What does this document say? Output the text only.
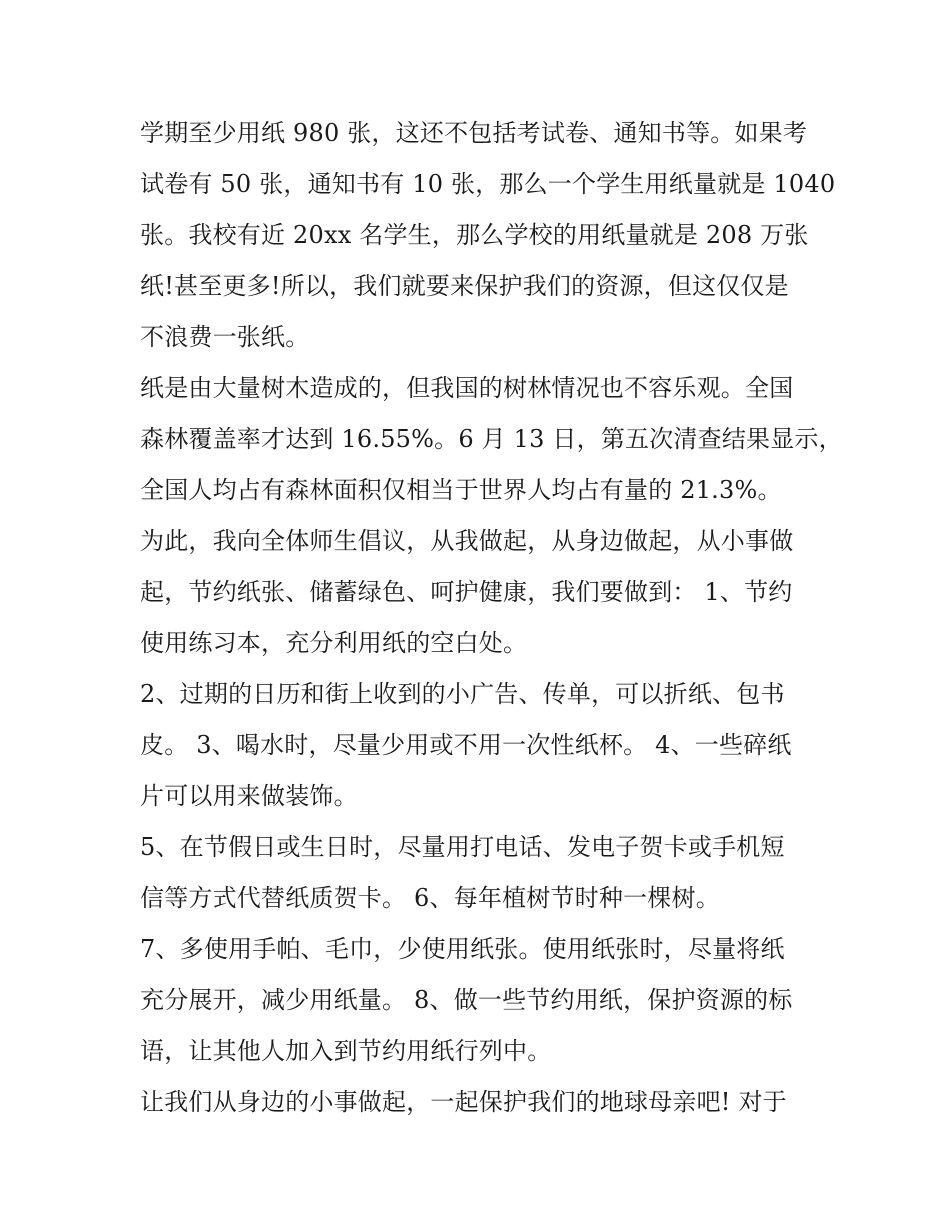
学期至少用纸 980 张，这还不包括考试卷、通知书等。如果考
试卷有 50 张，通知书有 10 张，那么一个学生用纸量就是 1040
张。我校有近 20xx 名学生，那么学校的用纸量就是 208 万张
纸!甚至更多!所以，我们就要来保护我们的资源，但这仅仅是
不浪费一张纸。

纸是由大量树木造成的，但我国的树林情况也不容乐观。全国
森林覆盖率才达到 16.55%。6 月 13 日，第五次清查结果显示，
全国人均占有森林面积仅相当于世界人均占有量的 21.3%。

为此，我向全体师生倡议，从我做起，从身边做起，从小事做
起，节约纸张、储蓄绿色、呵护健康，我们要做到： 1、节约
使用练习本，充分利用纸的空白处。

2、过期的日历和街上收到的小广告、传单，可以折纸、包书
皮。 3、喝水时，尽量少用或不用一次性纸杯。 4、一些碎纸
片可以用来做装饰。

5、在节假日或生日时，尽量用打电话、发电子贺卡或手机短
信等方式代替纸质贺卡。 6、每年植树节时种一棵树。

7、多使用手帕、毛巾，少使用纸张。使用纸张时，尽量将纸
充分展开，减少用纸量。 8、做一些节约用纸，保护资源的标
语，让其他人加入到节约用纸行列中。

让我们从身边的小事做起，一起保护我们的地球母亲吧! 对于
